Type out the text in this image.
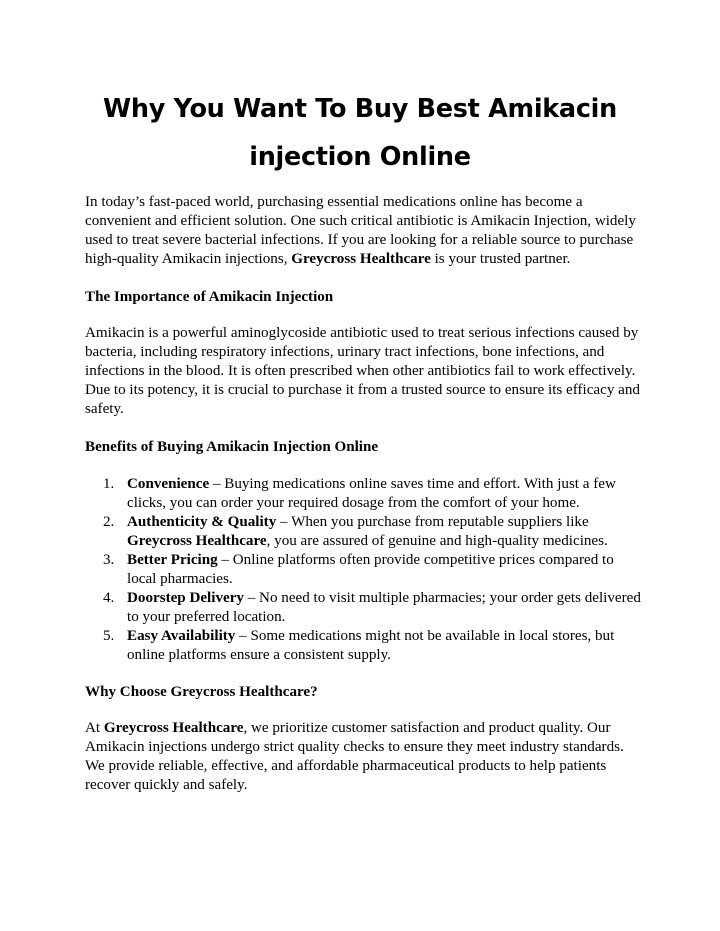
Why You Want To Buy Best Amikacin injection Online

In today’s fast-paced world, purchasing essential medications online has become a convenient and efficient solution. One such critical antibiotic is Amikacin Injection, widely used to treat severe bacterial infections. If you are looking for a reliable source to purchase high-quality Amikacin injections, Greycross Healthcare is your trusted partner.

The Importance of Amikacin Injection

Amikacin is a powerful aminoglycoside antibiotic used to treat serious infections caused by bacteria, including respiratory infections, urinary tract infections, bone infections, and infections in the blood. It is often prescribed when other antibiotics fail to work effectively. Due to its potency, it is crucial to purchase it from a trusted source to ensure its efficacy and safety.

Benefits of Buying Amikacin Injection Online

1. Convenience – Buying medications online saves time and effort. With just a few clicks, you can order your required dosage from the comfort of your home.
2. Authenticity & Quality – When you purchase from reputable suppliers like Greycross Healthcare, you are assured of genuine and high-quality medicines.
3. Better Pricing – Online platforms often provide competitive prices compared to local pharmacies.
4. Doorstep Delivery – No need to visit multiple pharmacies; your order gets delivered to your preferred location.
5. Easy Availability – Some medications might not be available in local stores, but online platforms ensure a consistent supply.

Why Choose Greycross Healthcare?

At Greycross Healthcare, we prioritize customer satisfaction and product quality. Our Amikacin injections undergo strict quality checks to ensure they meet industry standards. We provide reliable, effective, and affordable pharmaceutical products to help patients recover quickly and safely.
